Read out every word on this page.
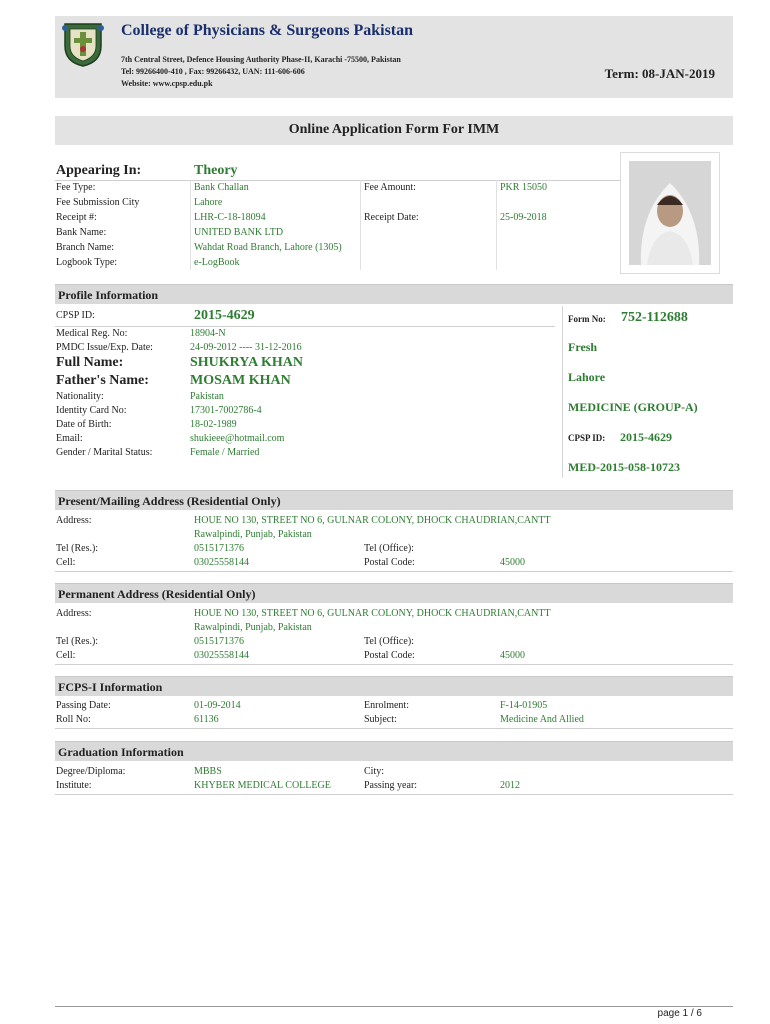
College of Physicians & Surgeons Pakistan
7th Central Street, Defence Housing Authority Phase-II, Karachi -75500, Pakistan
Tel: 99266400-410 , Fax: 99266432, UAN: 111-606-606
Website: www.cpsp.edu.pk
Term: 08-JAN-2019
Online Application Form For IMM
Appearing In:	Theory
Fee Type:	Bank Challan	Fee Amount:	PKR 15050
Fee Submission City	Lahore
Receipt #:	LHR-C-18-18094	Receipt Date:	25-09-2018
Bank Name:	UNITED BANK LTD
Branch Name:	Wahdat Road Branch, Lahore (1305)
Logbook Type:	e-LogBook
Profile Information
CPSP ID:	2015-4629
Medical Reg. No:	18904-N
PMDC Issue/Exp. Date:	24-09-2012 ---- 31-12-2016
Full Name:	SHUKRYA KHAN
Father's Name:	MOSAM KHAN
Nationality:	Pakistan
Identity Card No:	17301-7002786-4
Date of Birth:	18-02-1989
Email:	shukieee@hotmail.com
Gender / Marital Status:	Female / Married
Form No: 752-112688
Fresh
Lahore
MEDICINE (GROUP-A)
CPSP ID: 2015-4629
MED-2015-058-10723
Present/Mailing Address (Residential Only)
Address:	HOUE NO 130, STREET NO 6, GULNAR COLONY, DHOCK CHAUDRIAN,CANTT
Rawalpindi, Punjab, Pakistan
Tel (Res.):	0515171376	Tel (Office):
Cell:	03025558144	Postal Code:	45000
Permanent Address (Residential Only)
Address:	HOUE NO 130, STREET NO 6, GULNAR COLONY, DHOCK CHAUDRIAN,CANTT
Rawalpindi, Punjab, Pakistan
Tel (Res.):	0515171376	Tel (Office):
Cell:	03025558144	Postal Code:	45000
FCPS-I Information
Passing Date:	01-09-2014	Enrolment:	F-14-01905
Roll No:	61136	Subject:	Medicine And Allied
Graduation Information
Degree/Diploma:	MBBS	City:
Institute:	KHYBER MEDICAL COLLEGE	Passing year:	2012
page 1 / 6
